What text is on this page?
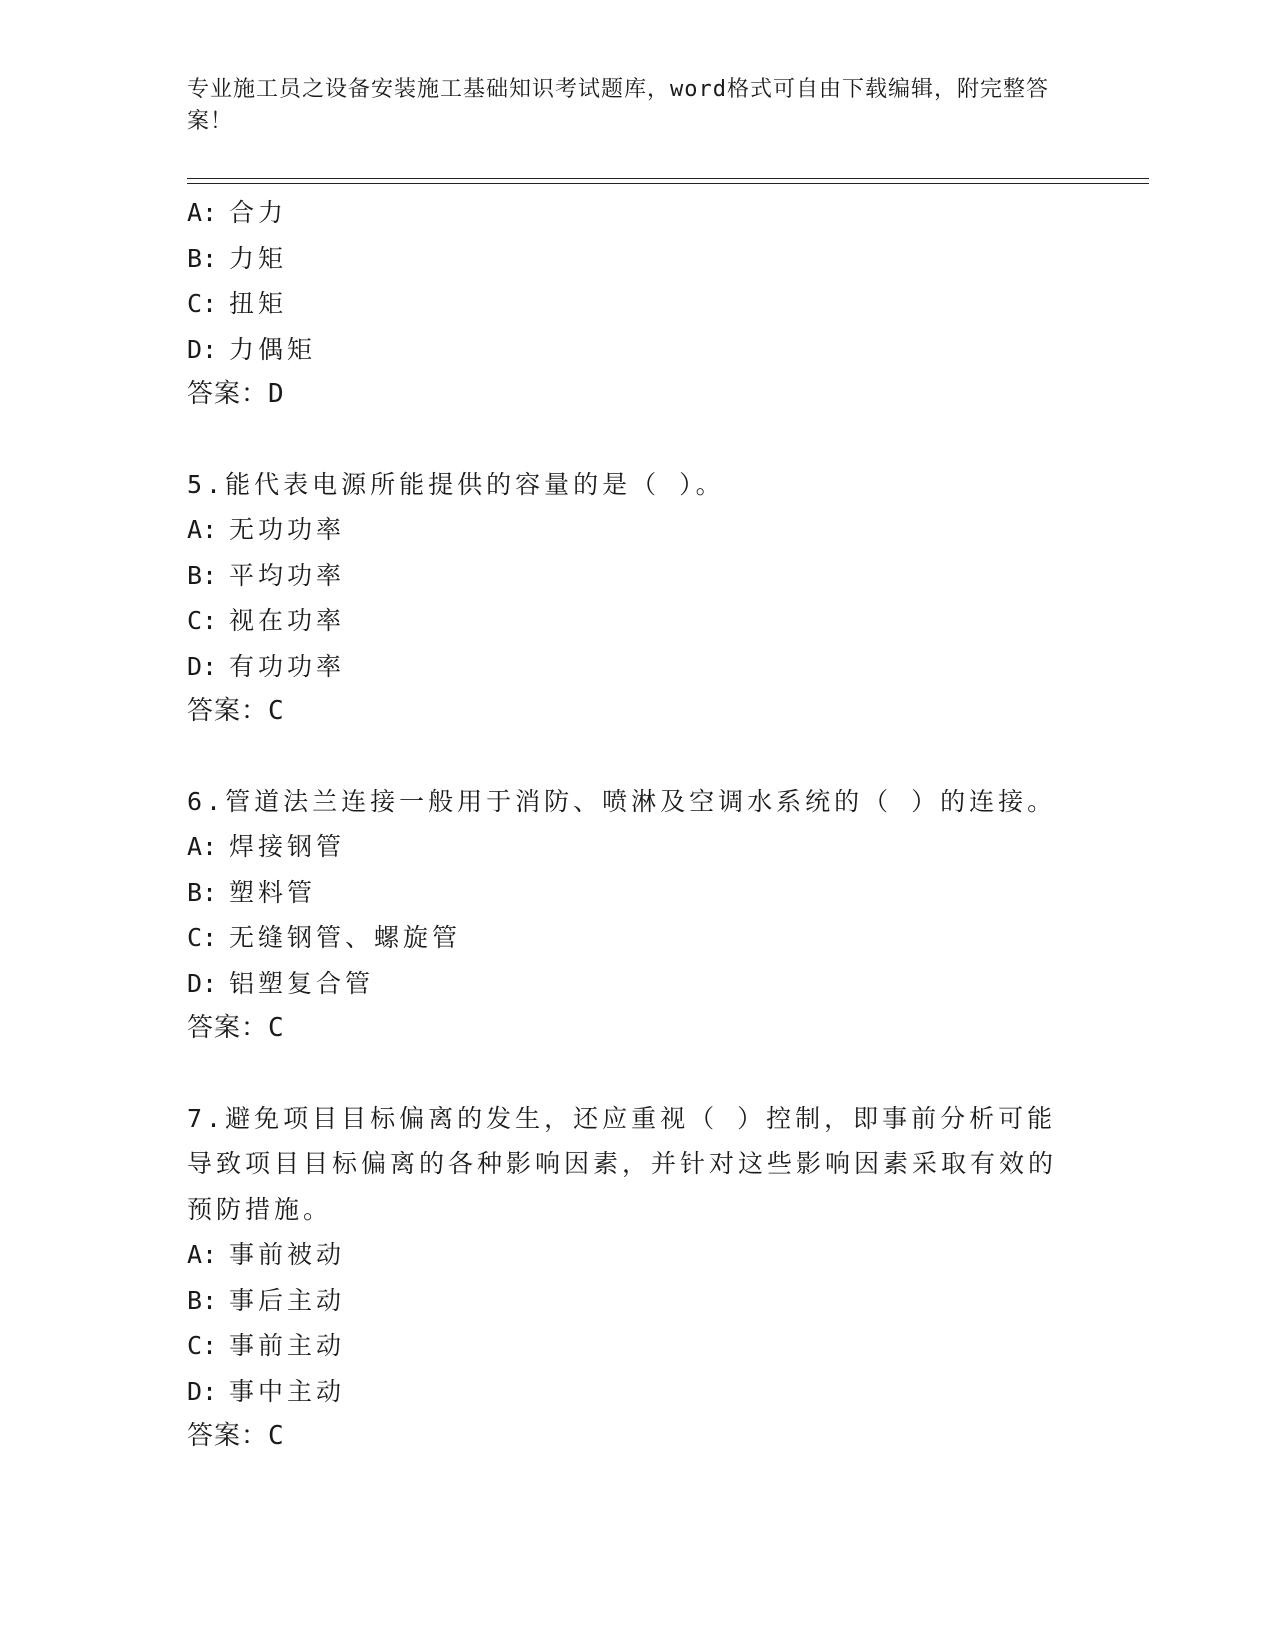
专业施工员之设备安装施工基础知识考试题库，word格式可自由下载编辑，附完整答案！
A: 合力
B: 力矩
C: 扭矩
D: 力偶矩
答案：D
5.能代表电源所能提供的容量的是（ ）。
A: 无功功率
B: 平均功率
C: 视在功率
D: 有功功率
答案：C
6.管道法兰连接一般用于消防、喷淋及空调水系统的（ ）的连接。
A: 焊接钢管
B: 塑料管
C: 无缝钢管、螺旋管
D: 铝塑复合管
答案：C
7.避免项目目标偏离的发生，还应重视（ ）控制，即事前分析可能导致项目目标偏离的各种影响因素，并针对这些影响因素采取有效的预防措施。
A: 事前被动
B: 事后主动
C: 事前主动
D: 事中主动
答案：C
